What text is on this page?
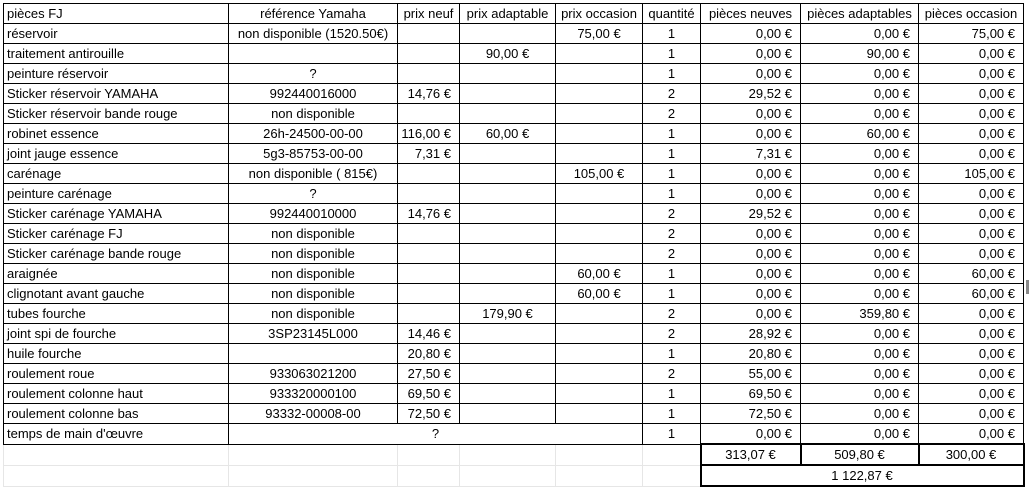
pièces FJ	référence Yamaha	prix neuf	prix adaptable	prix occasion	quantité	pièces neuves	pièces adaptables	pièces occasion
réservoir	non disponible (1520.50€)			75,00 €	1	0,00 €	0,00 €	75,00 €
traitement antirouille			90,00 €		1	0,00 €	90,00 €	0,00 €
peinture réservoir	?				1	0,00 €	0,00 €	0,00 €
Sticker réservoir YAMAHA	992440016000	14,76 €			2	29,52 €	0,00 €	0,00 €
Sticker réservoir bande rouge	non disponible				2	0,00 €	0,00 €	0,00 €
robinet essence	26h-24500-00-00	116,00 €	60,00 €		1	0,00 €	60,00 €	0,00 €
joint jauge essence	5g3-85753-00-00	7,31 €			1	7,31 €	0,00 €	0,00 €
carénage	non disponible ( 815€)			105,00 €	1	0,00 €	0,00 €	105,00 €
peinture carénage	?				1	0,00 €	0,00 €	0,00 €
Sticker carénage YAMAHA	992440010000	14,76 €			2	29,52 €	0,00 €	0,00 €
Sticker carénage FJ	non disponible				2	0,00 €	0,00 €	0,00 €
Sticker carénage bande rouge	non disponible				2	0,00 €	0,00 €	0,00 €
araignée	non disponible			60,00 €	1	0,00 €	0,00 €	60,00 €
clignotant avant gauche	non disponible			60,00 €	1	0,00 €	0,00 €	60,00 €
tubes fourche	non disponible		179,90 €		2	0,00 €	359,80 €	0,00 €
joint spi de fourche	3SP23145L000	14,46 €			2	28,92 €	0,00 €	0,00 €
huile fourche		20,80 €			1	20,80 €	0,00 €	0,00 €
roulement roue	933063021200	27,50 €			2	55,00 €	0,00 €	0,00 €
roulement colonne haut	933320000100	69,50 €			1	69,50 €	0,00 €	0,00 €
roulement colonne bas	93332-00008-00	72,50 €			1	72,50 €	0,00 €	0,00 €
temps de main d'œuvre	?				1	0,00 €	0,00 €	0,00 €
						313,07 €	509,80 €	300,00 €
						1 122,87 €		
